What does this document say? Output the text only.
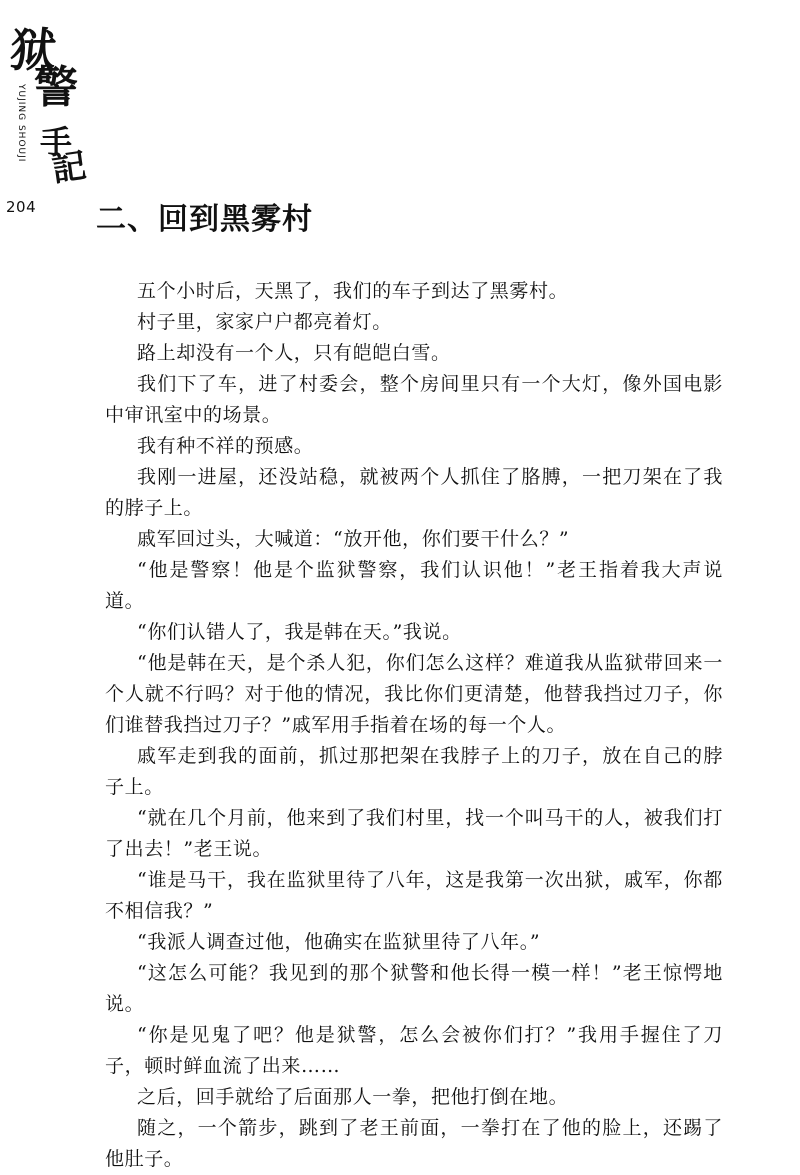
狱
警
手
記
YUJING SHOUJI
204 二、回到黑雾村

五个小时后，天黑了，我们的车子到达了黑雾村。

村子里，家家户户都亮着灯。

路上却没有一个人，只有皑皑白雪。

我们下了车，进了村委会，整个房间里只有一个大灯，像外国电影中审讯室中的场景。

我有种不祥的预感。

我刚一进屋，还没站稳，就被两个人抓住了胳膊，一把刀架在了我的脖子上。

戚军回过头，大喊道：“放开他，你们要干什么？”

“他是警察！他是个监狱警察，我们认识他！”老王指着我大声说道。

“你们认错人了，我是韩在天。”我说。

“他是韩在天，是个杀人犯，你们怎么这样？难道我从监狱带回来一个人就不行吗？对于他的情况，我比你们更清楚，他替我挡过刀子，你们谁替我挡过刀子？”戚军用手指着在场的每一个人。

戚军走到我的面前，抓过那把架在我脖子上的刀子，放在自己的脖子上。

“就在几个月前，他来到了我们村里，找一个叫马干的人，被我们打了出去！”老王说。

“谁是马干，我在监狱里待了八年，这是我第一次出狱，戚军，你都不相信我？”

“我派人调查过他，他确实在监狱里待了八年。”

“这怎么可能？我见到的那个狱警和他长得一模一样！”老王惊愕地说。

“你是见鬼了吧？他是狱警，怎么会被你们打？”我用手握住了刀子，顿时鲜血流了出来……

之后，回手就给了后面那人一拳，把他打倒在地。

随之，一个箭步，跳到了老王前面，一拳打在了他的脸上，还踢了他肚子。
